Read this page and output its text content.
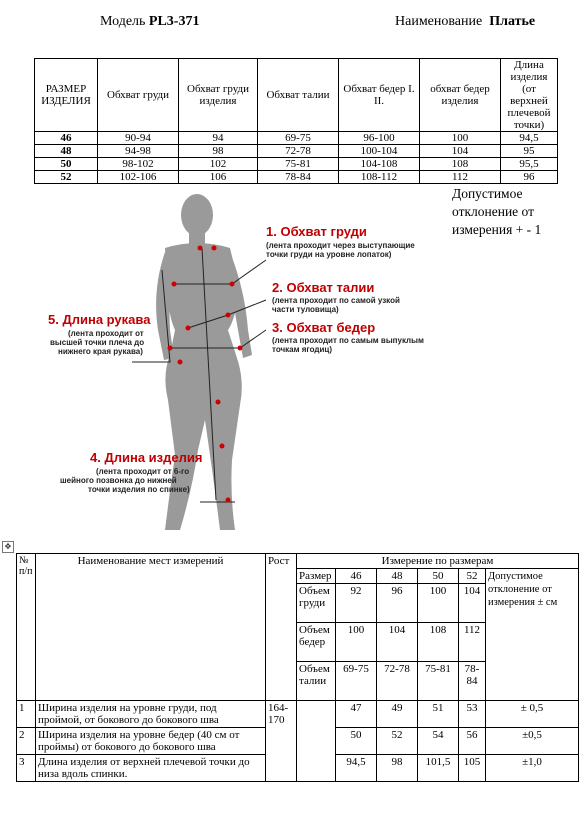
Модель PL3-371	Наименование Платье
РАЗМЕР ИЗДЕЛИЯ	Обхват груди	Обхват груди изделия	Обхват талии	Обхват бедер I. II.	обхват бедер изделия	Длина изделия (от верхней плечевой точки)
46	90-94	94	69-75	96-100	100	94,5
48	94-98	98	72-78	100-104	104	95
50	98-102	102	75-81	104-108	108	95,5
52	102-106	106	78-84	108-112	112	96
Допустимое отклонение от измерения + - 1
1. Обхват груди
(лента проходит через выступающие
точки груди на уровне лопаток)
2. Обхват талии
(лента проходит по самой узкой
части туловища)
3. Обхват бедер
(лента проходит по самым выпуклым
точкам ягодиц)
5. Длина рукава
(лента проходит от
высшей точки плеча до
нижнего края рукава)
4. Длина изделия
(лента проходит от 6-го
шейного позвонка до нижней
точки изделия по спинке)
✥
№ п/п	Наименование мест измерений	Рост	Измерение по размерам					
			Размер	46	48	50	52	Допустимое отклонение от измерения ± см
			Объем груди	92	96	100	104	
			Объем бедер	100	104	108	112	
			Объем талии	69-75	72-78	75-81	78-84	
1	Ширина изделия на уровне груди, под проймой, от бокового до бокового шва	164-170		47	49	51	53	± 0,5
2	Ширина изделия на уровне бедер (40 см от проймы) от бокового до бокового шва			50	52	54	56	±0,5
3	Длина изделия от верхней плечевой точки до низа вдоль спинки.			94,5	98	101,5	105	±1,0
